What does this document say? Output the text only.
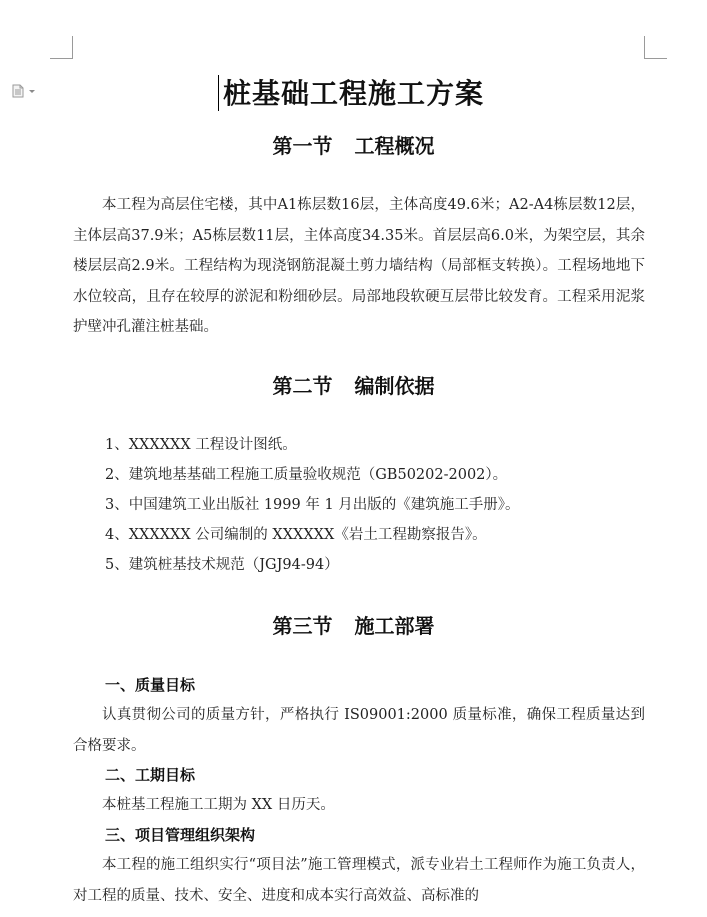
桩基础工程施工方案
第一节 工程概况
本工程为高层住宅楼，其中A1栋层数16层，主体高度49.6米；A2-A4栋层数12层，主体层高37.9米；A5栋层数11层，主体高度34.35米。首层层高6.0米，为架空层，其余楼层层高2.9米。工程结构为现浇钢筋混凝土剪力墙结构（局部框支转换）。工程场地地下水位较高，且存在较厚的淤泥和粉细砂层。局部地段软硬互层带比较发育。工程采用泥浆护壁冲孔灌注桩基础。
第二节 编制依据
1、XXXXXX 工程设计图纸。
2、建筑地基基础工程施工质量验收规范（GB50202-2002）。
3、中国建筑工业出版社 1999 年 1 月出版的《建筑施工手册》。
4、XXXXXX 公司编制的 XXXXXX《岩土工程勘察报告》。
5、建筑桩基技术规范（JGJ94-94）
第三节 施工部署
一、质量目标
认真贯彻公司的质量方针，严格执行 IS09001:2000 质量标准，确保工程质量达到合格要求。
二、工期目标
本桩基工程施工工期为 XX 日历天。
三、项目管理组织架构
本工程的施工组织实行“项目法”施工管理模式，派专业岩土工程师作为施工负责人，对工程的质量、技术、安全、进度和成本实行高效益、高标准的
